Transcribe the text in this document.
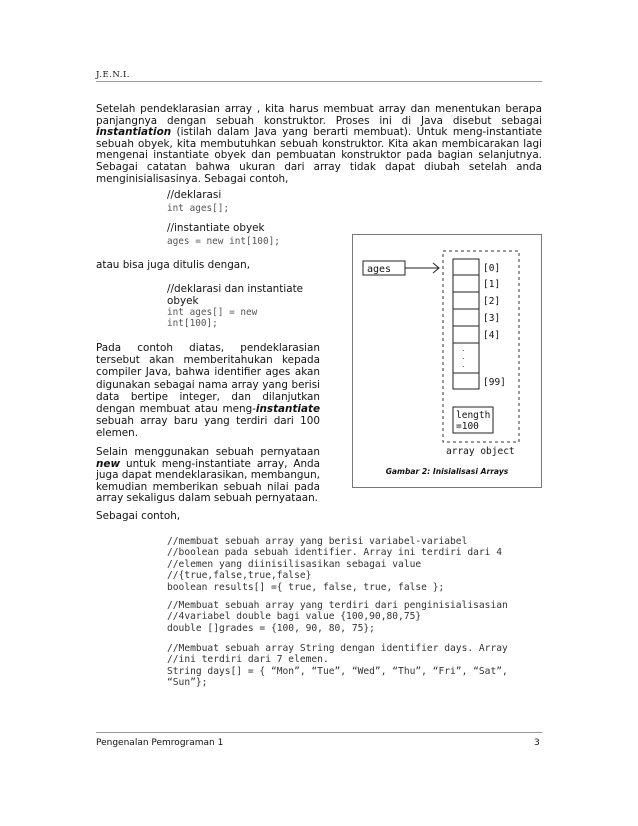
J.E.N.I.
Setelah pendeklarasian array , kita harus membuat array dan menentukan berapa panjangnya dengan sebuah konstruktor. Proses ini di Java disebut sebagai instantiation (istilah dalam Java yang berarti membuat). Untuk meng-instantiate sebuah obyek, kita membutuhkan sebuah konstruktor. Kita akan membicarakan lagi mengenai instantiate obyek dan pembuatan konstruktor pada bagian selanjutnya. Sebagai catatan bahwa ukuran dari array tidak dapat diubah setelah anda menginisialisasinya. Sebagai contoh,
//deklarasi
int ages[];
//instantiate obyek
ages = new int[100];
atau bisa juga ditulis dengan,
//deklarasi dan instantiate
obyek
int ages[] = new
int[100];
Pada contoh diatas, pendeklarasian tersebut akan memberitahukan kepada compiler Java, bahwa identifier ages akan digunakan sebagai nama array yang berisi data bertipe integer, dan dilanjutkan dengan membuat atau meng-instantiate sebuah array baru yang terdiri dari 100 elemen.
Selain menggunakan sebuah pernyataan new untuk meng-instantiate array, Anda juga dapat mendeklarasikan, membangun, kemudian memberikan sebuah nilai pada array sekaligus dalam sebuah pernyataan.
ages
.
.
.
[0]
[1]
[2]
[3]
[4]
[99]
length
=100
array object
Gambar 2: Inisialisasi Arrays
Sebagai contoh,
//membuat sebuah array yang berisi variabel-variabel
//boolean pada sebuah identifier. Array ini terdiri dari 4
//elemen yang diinisilisasikan sebagai value
//{true,false,true,false}
boolean results[] ={ true, false, true, false };
//Membuat sebuah array yang terdiri dari penginisialisasian
//4variabel double bagi value {100,90,80,75}
double []grades = {100, 90, 80, 75};
//Membuat sebuah array String dengan identifier days. Array
//ini terdiri dari 7 elemen.
String days[] = { “Mon”, “Tue”, “Wed”, “Thu”, “Fri”, “Sat”,
“Sun”};
Pengenalan Pemrograman 1	3
